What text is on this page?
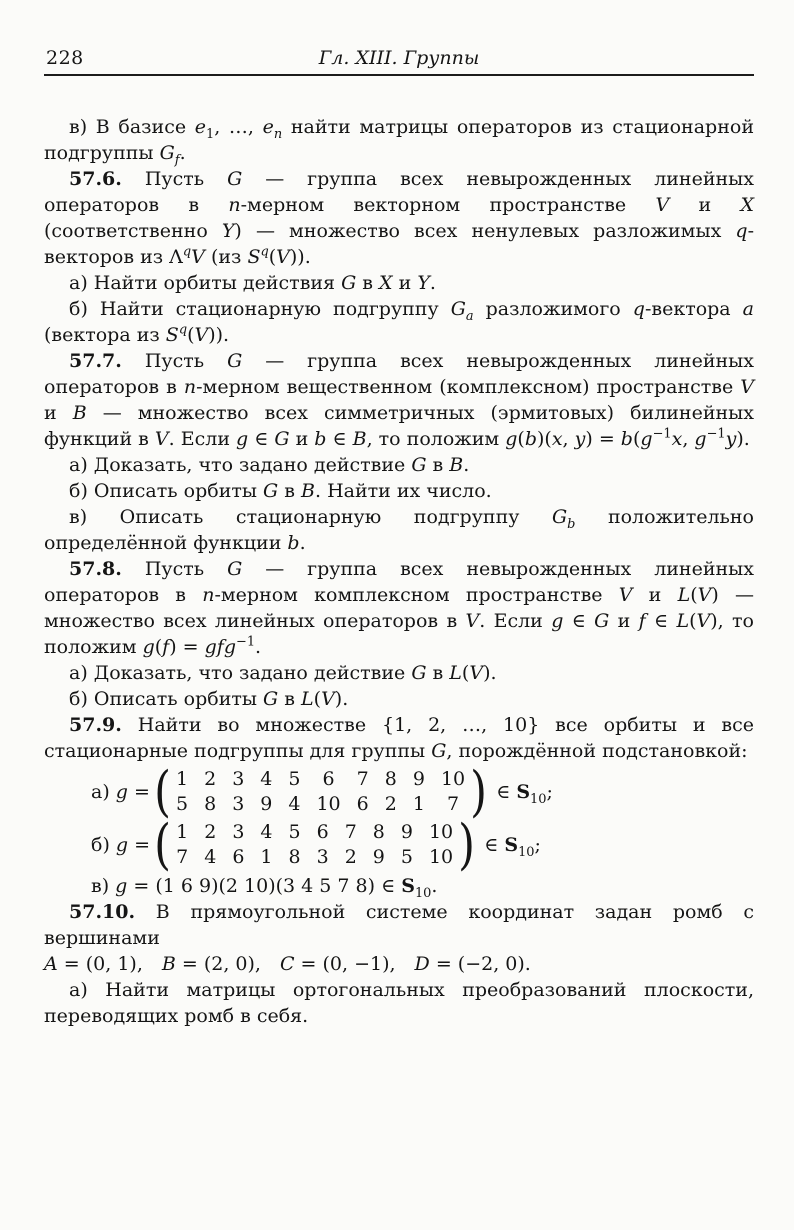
228	Гл. XIII. Группы

в) В базисе $e_1$, …, $e_n$ найти матрицы операторов из стационарной подгруппы $G_f$.

57.6. Пусть G — группа всех невырожденных линейных операторов в n-мерном векторном пространстве V и X (соответственно Y) — множество всех ненулевых разложимых q-векторов из $\Lambda^qV$ (из $S^q(V)$).

а) Найти орбиты действия G в X и Y.

б) Найти стационарную подгруппу $G_a$ разложимого q-вектора a (вектора из $S^q(V)$).

57.7. Пусть G — группа всех невырожденных линейных операторов в n-мерном вещественном (комплексном) пространстве V и B — множество всех симметричных (эрмитовых) билинейных функций в V. Если g ∈ G и b ∈ B, то положим g(b)(x, $y) = b(g^{-1}x$, $g^{-1}y$).

а) Доказать, что задано действие G в B.

б) Описать орбиты G в B. Найти их число.

в) Описать стационарную подгруппу $G_b$ положительно определённой функции b.

57.8. Пусть G — группа всех невырожденных линейных операторов в n-мерном комплексном пространстве V и L(V) — множество всех линейных операторов в V. Если g ∈ G и f ∈ L(V), то положим g(f) = gfg$^{-1}$.

а) Доказать, что задано действие G в L(V).

б) Описать орбиты G в L(V).

57.9. Найти во множестве {1, 2, …, 10} все орбиты и все стационарные подгруппы для группы G, порождённой подстановкой:

а) g = ( 1 2 3 4 5	6	7 8 9 10
5 8 3 9 4 10 6 2 1	7 ) ∈ $S_{10}$;
б) g = ( 1 2 3 4 5 6 7 8 9 10
7 4 6 1 8 3 2 9 5 10 ) ∈ $S_{10}$;

в) g = (1 6 9)(2 10)(3 4 5 7 8) ∈ $S_{10}$.

57.10. В прямоугольной системе координат задан ромб с вершинами

A = (0, 1), B = (2, 0), C = (0, −1), D = (−2, 0).

а) Найти матрицы ортогональных преобразований плоскости, переводящих ромб в себя.
